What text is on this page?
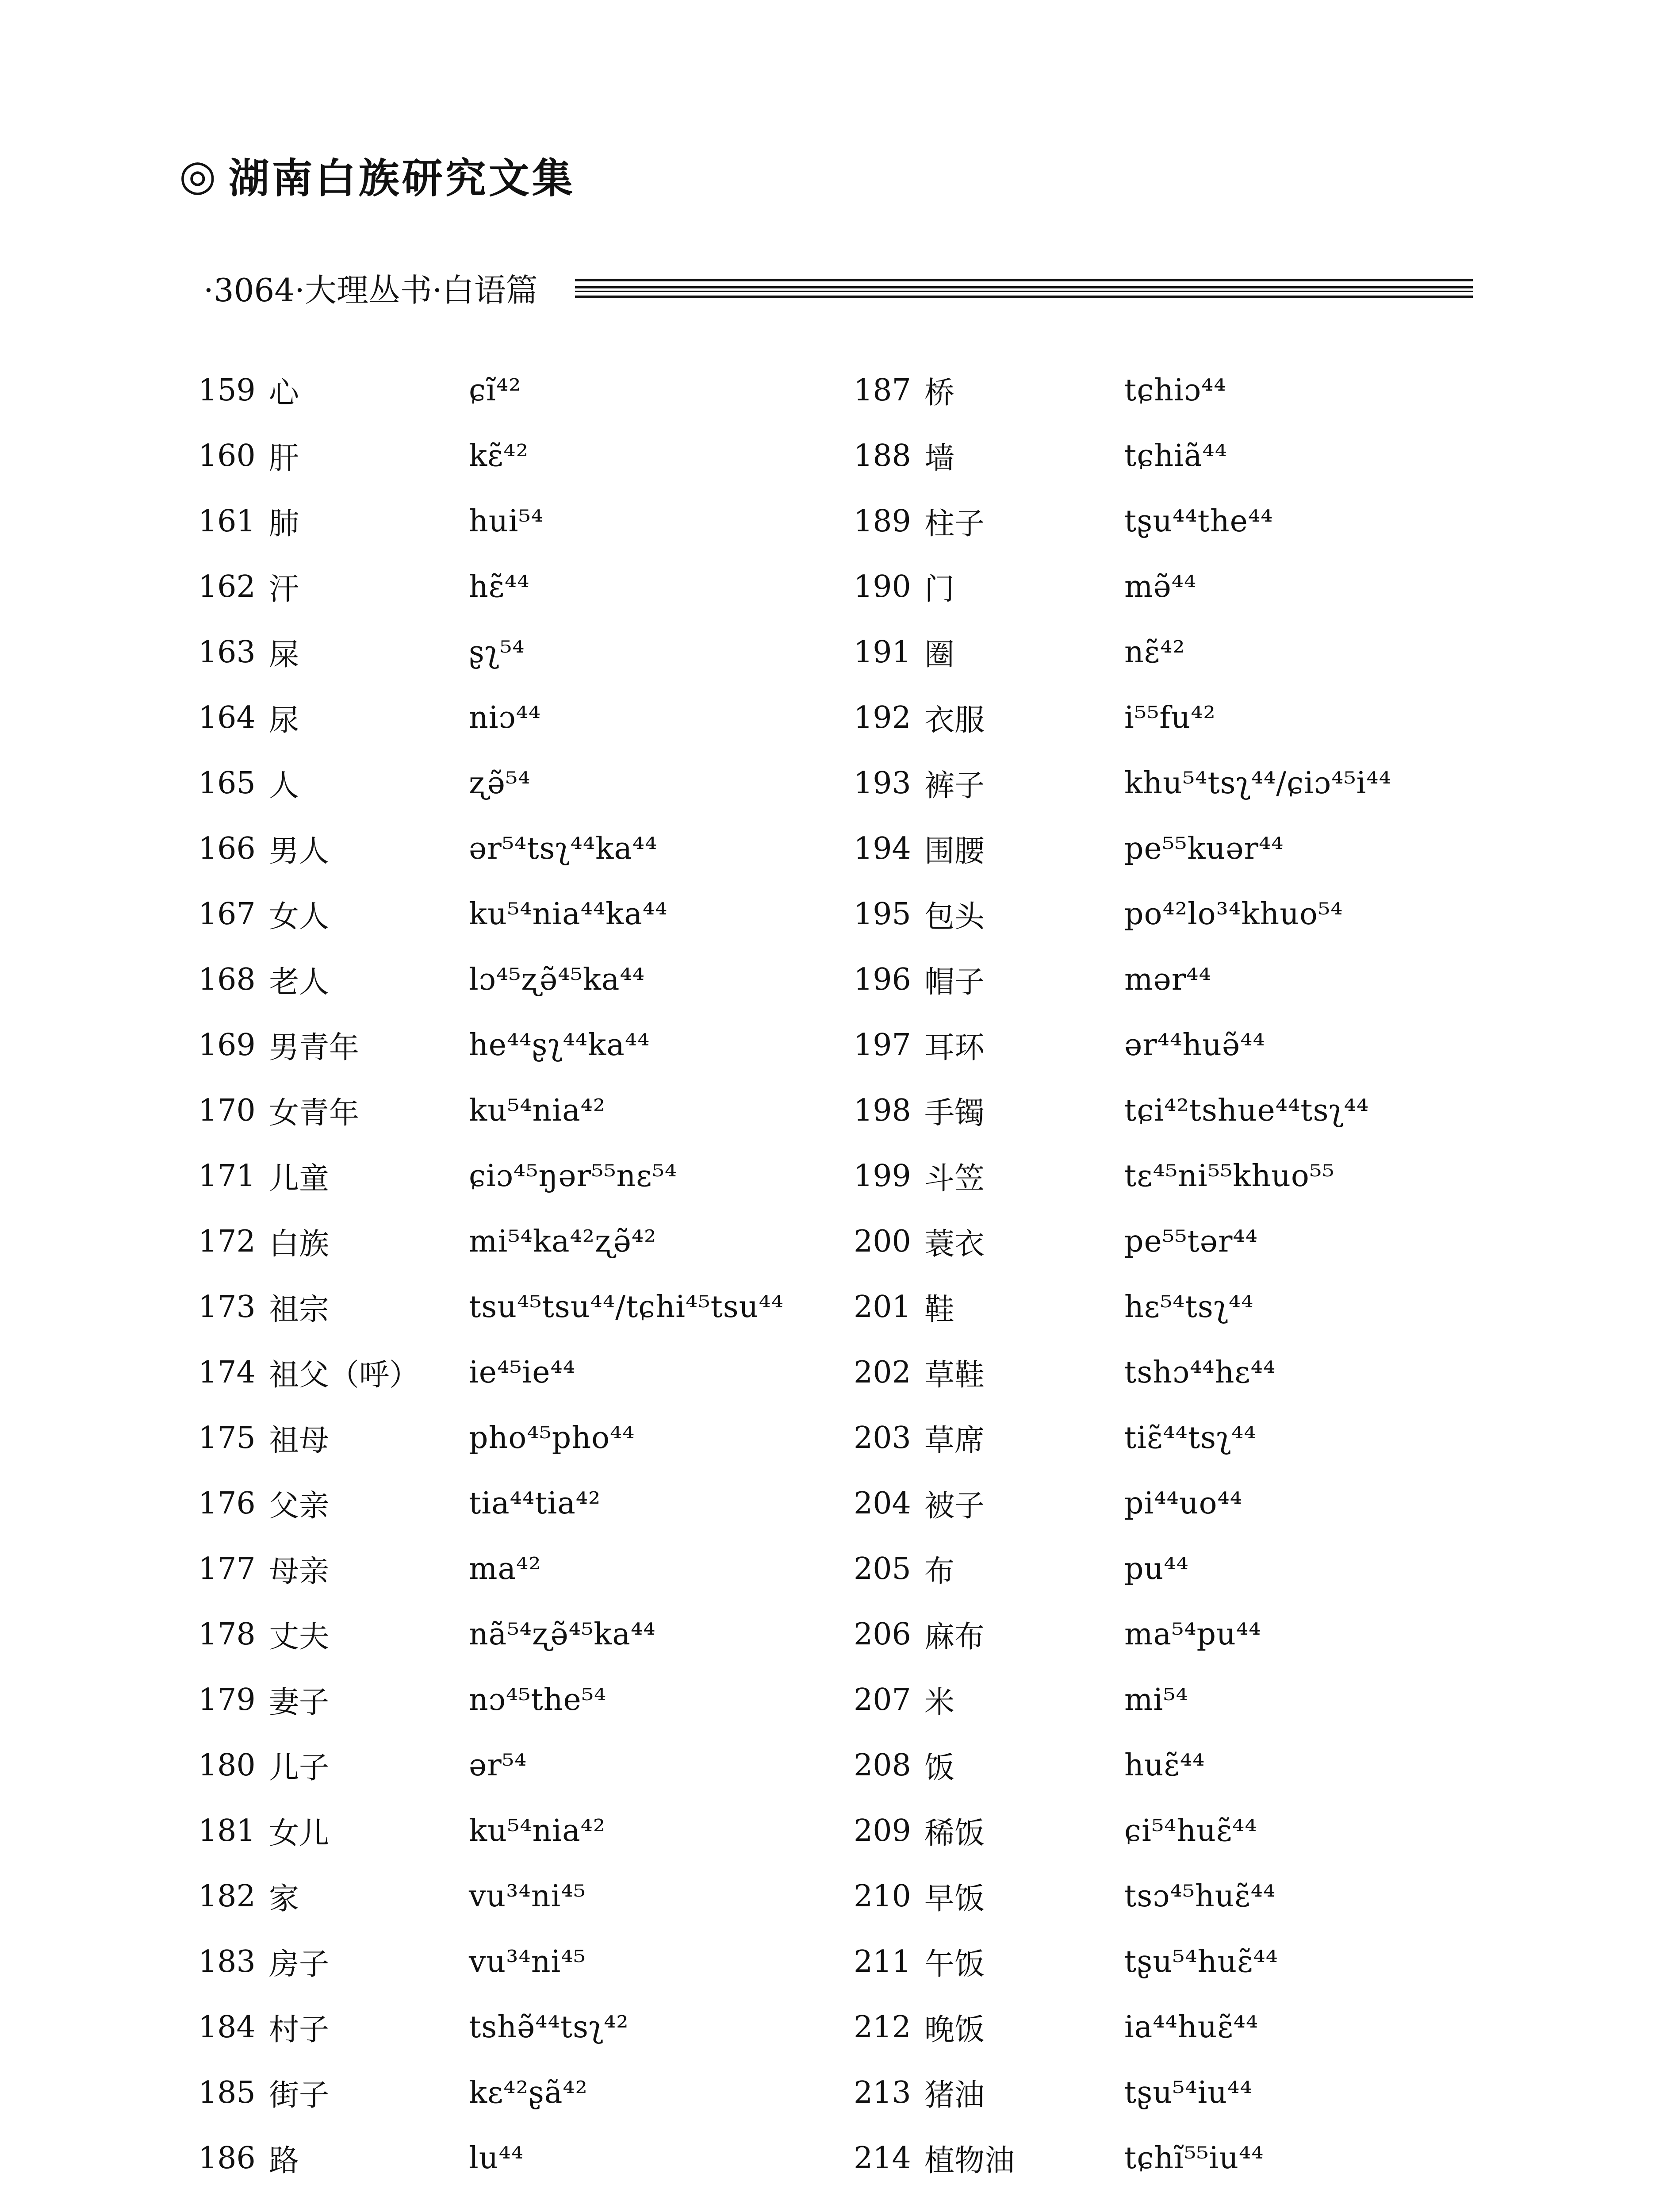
◎ 湖南白族研究文集
·3064·大理丛书·白语篇
159 心	ɕĩ⁴²
160 肝	kɛ̃⁴²
161 肺	hui⁵⁴
162 汗	hɛ̃⁴⁴
163 屎	ʂʅ⁵⁴
164 尿	niɔ⁴⁴
165 人	ʐə̃⁵⁴
166 男人	ər⁵⁴tsʅ⁴⁴ka⁴⁴
167 女人	ku⁵⁴nia⁴⁴ka⁴⁴
168 老人	lɔ⁴⁵ʐə̃⁴⁵ka⁴⁴
169 男青年	he⁴⁴ʂʅ⁴⁴ka⁴⁴
170 女青年	ku⁵⁴nia⁴²
171 儿童	ɕiɔ⁴⁵ŋər⁵⁵nɛ⁵⁴
172 白族	mi⁵⁴ka⁴²ʐə̃⁴²
173 祖宗	tsu⁴⁵tsu⁴⁴/tɕhi⁴⁵tsu⁴⁴
174 祖父（呼）	ie⁴⁵ie⁴⁴
175 祖母	pho⁴⁵pho⁴⁴
176 父亲	tia⁴⁴tia⁴²
177 母亲	ma⁴²
178 丈夫	nã⁵⁴ʐə̃⁴⁵ka⁴⁴
179 妻子	nɔ⁴⁵the⁵⁴
180 儿子	ər⁵⁴
181 女儿	ku⁵⁴nia⁴²
182 家	vu³⁴ni⁴⁵
183 房子	vu³⁴ni⁴⁵
184 村子	tshə̃⁴⁴tsʅ⁴²
185 街子	kɛ⁴²ʂã⁴²
186 路	lu⁴⁴
187 桥	tɕhiɔ⁴⁴
188 墙	tɕhiã⁴⁴
189 柱子	tʂu⁴⁴the⁴⁴
190 门	mə̃⁴⁴
191 圈	nɛ̃⁴²
192 衣服	i⁵⁵fu⁴²
193 裤子	khu⁵⁴tsʅ⁴⁴/ɕiɔ⁴⁵i⁴⁴
194 围腰	pe⁵⁵kuər⁴⁴
195 包头	po⁴²lo³⁴khuo⁵⁴
196 帽子	mər⁴⁴
197 耳环	ər⁴⁴huə̃⁴⁴
198 手镯	tɕi⁴²tshue⁴⁴tsʅ⁴⁴
199 斗笠	tɛ⁴⁵ni⁵⁵khuo⁵⁵
200 蓑衣	pe⁵⁵tər⁴⁴
201 鞋	hɛ⁵⁴tsʅ⁴⁴
202 草鞋	tshɔ⁴⁴hɛ⁴⁴
203 草席	tiɛ̃⁴⁴tsʅ⁴⁴
204 被子	pi⁴⁴uo⁴⁴
205 布	pu⁴⁴
206 麻布	ma⁵⁴pu⁴⁴
207 米	mi⁵⁴
208 饭	huɛ̃⁴⁴
209 稀饭	ɕi⁵⁴huɛ̃⁴⁴
210 早饭	tsɔ⁴⁵huɛ̃⁴⁴
211 午饭	tʂu⁵⁴huɛ̃⁴⁴
212 晚饭	ia⁴⁴huɛ̃⁴⁴
213 猪油	tʂu⁵⁴iu⁴⁴
214 植物油	tɕhĩ⁵⁵iu⁴⁴
